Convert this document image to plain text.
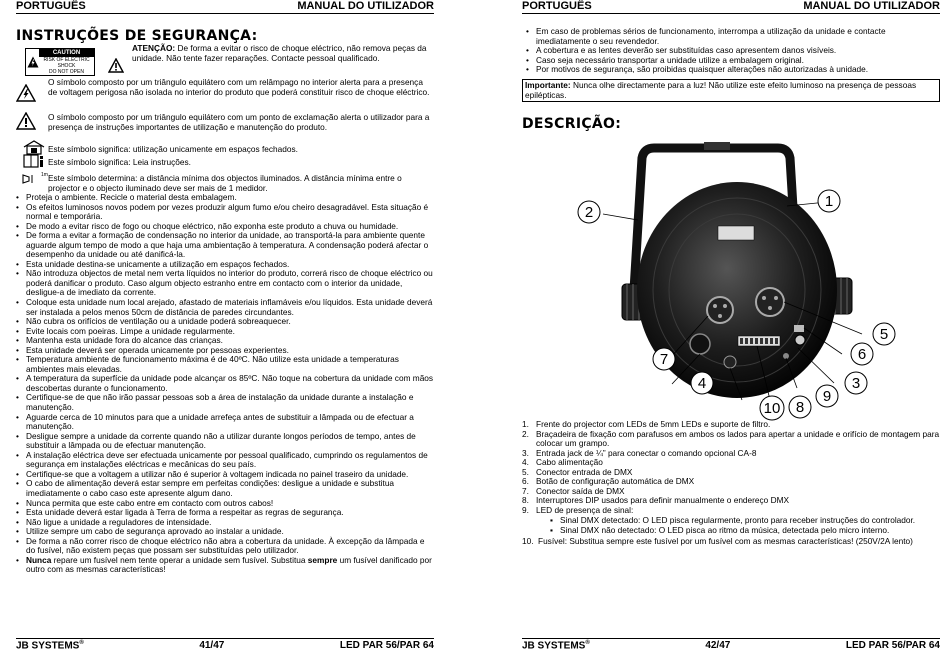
PORTUGUÊS	MANUAL DO UTILIZADOR
INSTRUÇÕES DE SEGURANÇA:
CAUTION
RISK OF ELECTRIC SHOCK
DO NOT OPEN
ATENÇÃO: De forma a evitar o risco de choque eléctrico, não remova peças da unidade. Não tente fazer reparações. Contacte pessoal qualificado.
O símbolo composto por um triângulo equilátero com um relâmpago no interior alerta para a presença de voltagem perigosa não isolada no interior do produto que poderá constituir risco de choque eléctrico.
O símbolo composto por um triângulo equilátero com um ponto de exclamação alerta o utilizador para a presença de instruções importantes de utilização e manutenção do produto.
Este símbolo significa: utilização unicamente em espaços fechados.
Este símbolo significa: Leia instruções.
1m Este símbolo determina: a distância mínima dos objectos iluminados. A distância mínima entre o projector e o objecto iluminado deve ser mais de 1 medidor.
• Proteja o ambiente. Recicle o material desta embalagem.
• Os efeitos luminosos novos podem por vezes produzir algum fumo e/ou cheiro desagradável. Esta situação é normal e temporária.
• De modo a evitar risco de fogo ou choque eléctrico, não exponha este produto a chuva ou humidade.
• De forma a evitar a formação de condensação no interior da unidade, ao transportá-la para ambiente quente aguarde algum tempo de modo a que haja uma ambientação à temperatura. A condensação poderá afectar o desempenho da unidade ou até danificá-la.
• Esta unidade destina-se unicamente a utilização em espaços fechados.
• Não introduza objectos de metal nem verta líquidos no interior do produto, correrá risco de choque eléctrico ou poderá danificar o produto. Caso algum objecto estranho entre em contacto com o interior da unidade, desligue-a de imediato da corrente.
• Coloque esta unidade num local arejado, afastado de materiais inflamáveis e/ou líquidos. Esta unidade deverá ser instalada a pelos menos 50cm de distância de paredes circundantes.
• Não cubra os orifícios de ventilação ou a unidade poderá sobreaquecer.
• Evite locais com poeiras. Limpe a unidade regularmente.
• Mantenha esta unidade fora do alcance das crianças.
• Esta unidade deverá ser operada unicamente por pessoas experientes.
• Temperatura ambiente de funcionamento máxima é de 40ºC. Não utilize esta unidade a temperaturas ambientes mais elevadas.
• A temperatura da superfície da unidade pode alcançar os 85ºC. Não toque na cobertura da unidade com mãos descobertas durante o funcionamento.
• Certifique-se de que não irão passar pessoas sob a área de instalação da unidade durante a instalação e manutenção.
• Aguarde cerca de 10 minutos para que a unidade arrefeça antes de substituir a lâmpada ou de efectuar a manutenção.
• Desligue sempre a unidade da corrente quando não a utilizar durante longos períodos de tempo, antes de substituir a lâmpada ou de efectuar manutenção.
• A instalação eléctrica deve ser efectuada unicamente por pessoal qualificado, cumprindo os regulamentos de segurança em instalações eléctricas e mecânicas do seu país.
• Certifique-se que a voltagem a utilizar não é superior à voltagem indicada no painel traseiro da unidade.
• O cabo de alimentação deverá estar sempre em perfeitas condições: desligue a unidade e substitua imediatamente o cabo caso este apresente algum dano.
• Nunca permita que este cabo entre em contacto com outros cabos!
• Esta unidade deverá estar ligada à Terra de forma a respeitar as regras de segurança.
• Não ligue a unidade a reguladores de intensidade.
• Utilize sempre um cabo de segurança aprovado ao instalar a unidade.
• De forma a não correr risco de choque eléctrico não abra a cobertura da unidade. À excepção da lâmpada e do fusível, não existem peças que possam ser substituídas pelo utilizador.
• Nunca repare um fusível nem tente operar a unidade sem fusível. Substitua sempre um fusível danificado por outro com as mesmas características!
JB SYSTEMS®	41/47	LED PAR 56/PAR 64
PORTUGUÊS	MANUAL DO UTILIZADOR
• Em caso de problemas sérios de funcionamento, interrompa a utilização da unidade e contacte imediatamente o seu revendedor.
• A cobertura e as lentes deverão ser substituídas caso apresentem danos visíveis.
• Caso seja necessário transportar a unidade utilize a embalagem original.
• Por motivos de segurança, são proibidas quaisquer alterações não autorizadas à unidade.
Importante: Nunca olhe directamente para a luz! Não utilize este efeito luminoso na presença de pessoas epilépticas.
DESCRIÇÃO:
1
2
3
4
5
6
7
8
9
10
1. Frente do projector com LEDs de 5mm LEDs e suporte de filtro.
2. Braçadeira de fixação com parafusos em ambos os lados para apertar a unidade e orifício de montagem para colocar um grampo.
3. Entrada jack de ¼” para conectar o comando opcional CA-8
4. Cabo alimentação
5. Conector entrada de DMX
6. Botão de configuração automática de DMX
7. Conector saída de DMX
8. Interruptores DIP usados para definir manualmente o endereço DMX
9. LED de presença de sinal:
▪ Sinal DMX detectado: O LED pisca regularmente, pronto para receber instruções do controlador.
▪ Sinal DMX não detectado: O LED pisca ao ritmo da música, detectada pelo micro interno.
10. Fusível: Substitua sempre este fusível por um fusível com as mesmas características! (250V/2A lento)
JB SYSTEMS®	42/47	LED PAR 56/PAR 64
